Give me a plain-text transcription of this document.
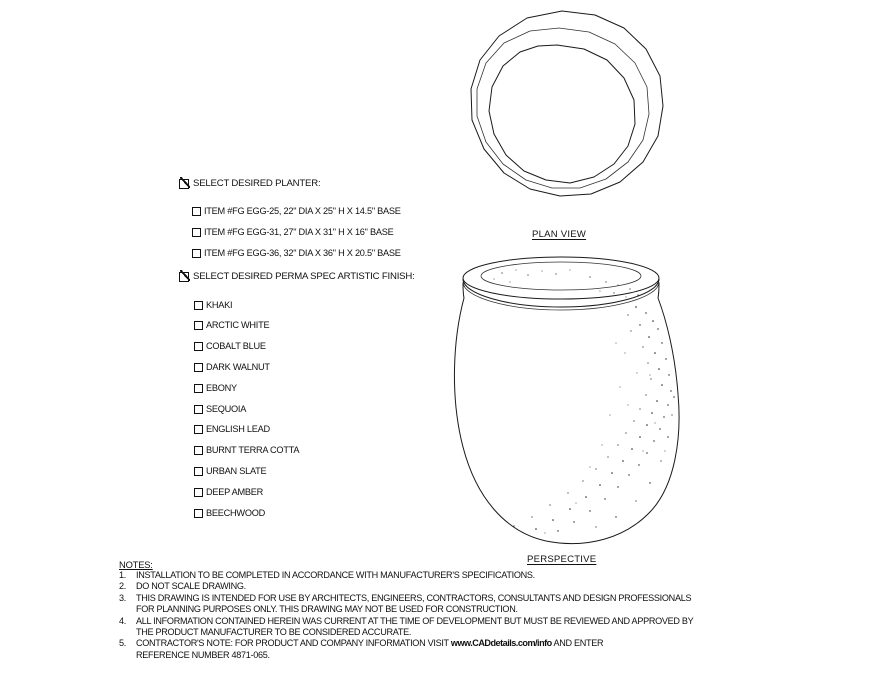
PLAN VIEW
PERSPECTIVE
SELECT DESIRED PLANTER:
ITEM #FG EGG-25, 22" DIA X 25" H X 14.5" BASE
ITEM #FG EGG-31, 27" DIA X 31" H X 16" BASE
ITEM #FG EGG-36, 32" DIA X 36" H X 20.5" BASE
SELECT DESIRED PERMA SPEC ARTISTIC FINISH:
KHAKI
ARCTIC WHITE
COBALT BLUE
DARK WALNUT
EBONY
SEQUOIA
ENGLISH LEAD
BURNT TERRA COTTA
URBAN SLATE
DEEP AMBER
BEECHWOOD
NOTES:
1.	INSTALLATION TO BE COMPLETED IN ACCORDANCE WITH MANUFACTURER'S SPECIFICATIONS.
2.	DO NOT SCALE DRAWING.
3.	THIS DRAWING IS INTENDED FOR USE BY ARCHITECTS, ENGINEERS, CONTRACTORS, CONSULTANTS AND DESIGN PROFESSIONALS
FOR PLANNING PURPOSES ONLY. THIS DRAWING MAY NOT BE USED FOR CONSTRUCTION.
4.	ALL INFORMATION CONTAINED HEREIN WAS CURRENT AT THE TIME OF DEVELOPMENT BUT MUST BE REVIEWED AND APPROVED BY
THE PRODUCT MANUFACTURER TO BE CONSIDERED ACCURATE.
5.	CONTRACTOR'S NOTE: FOR PRODUCT AND COMPANY INFORMATION VISIT www.CADdetails.com/info AND ENTER
REFERENCE NUMBER 4871-065.
